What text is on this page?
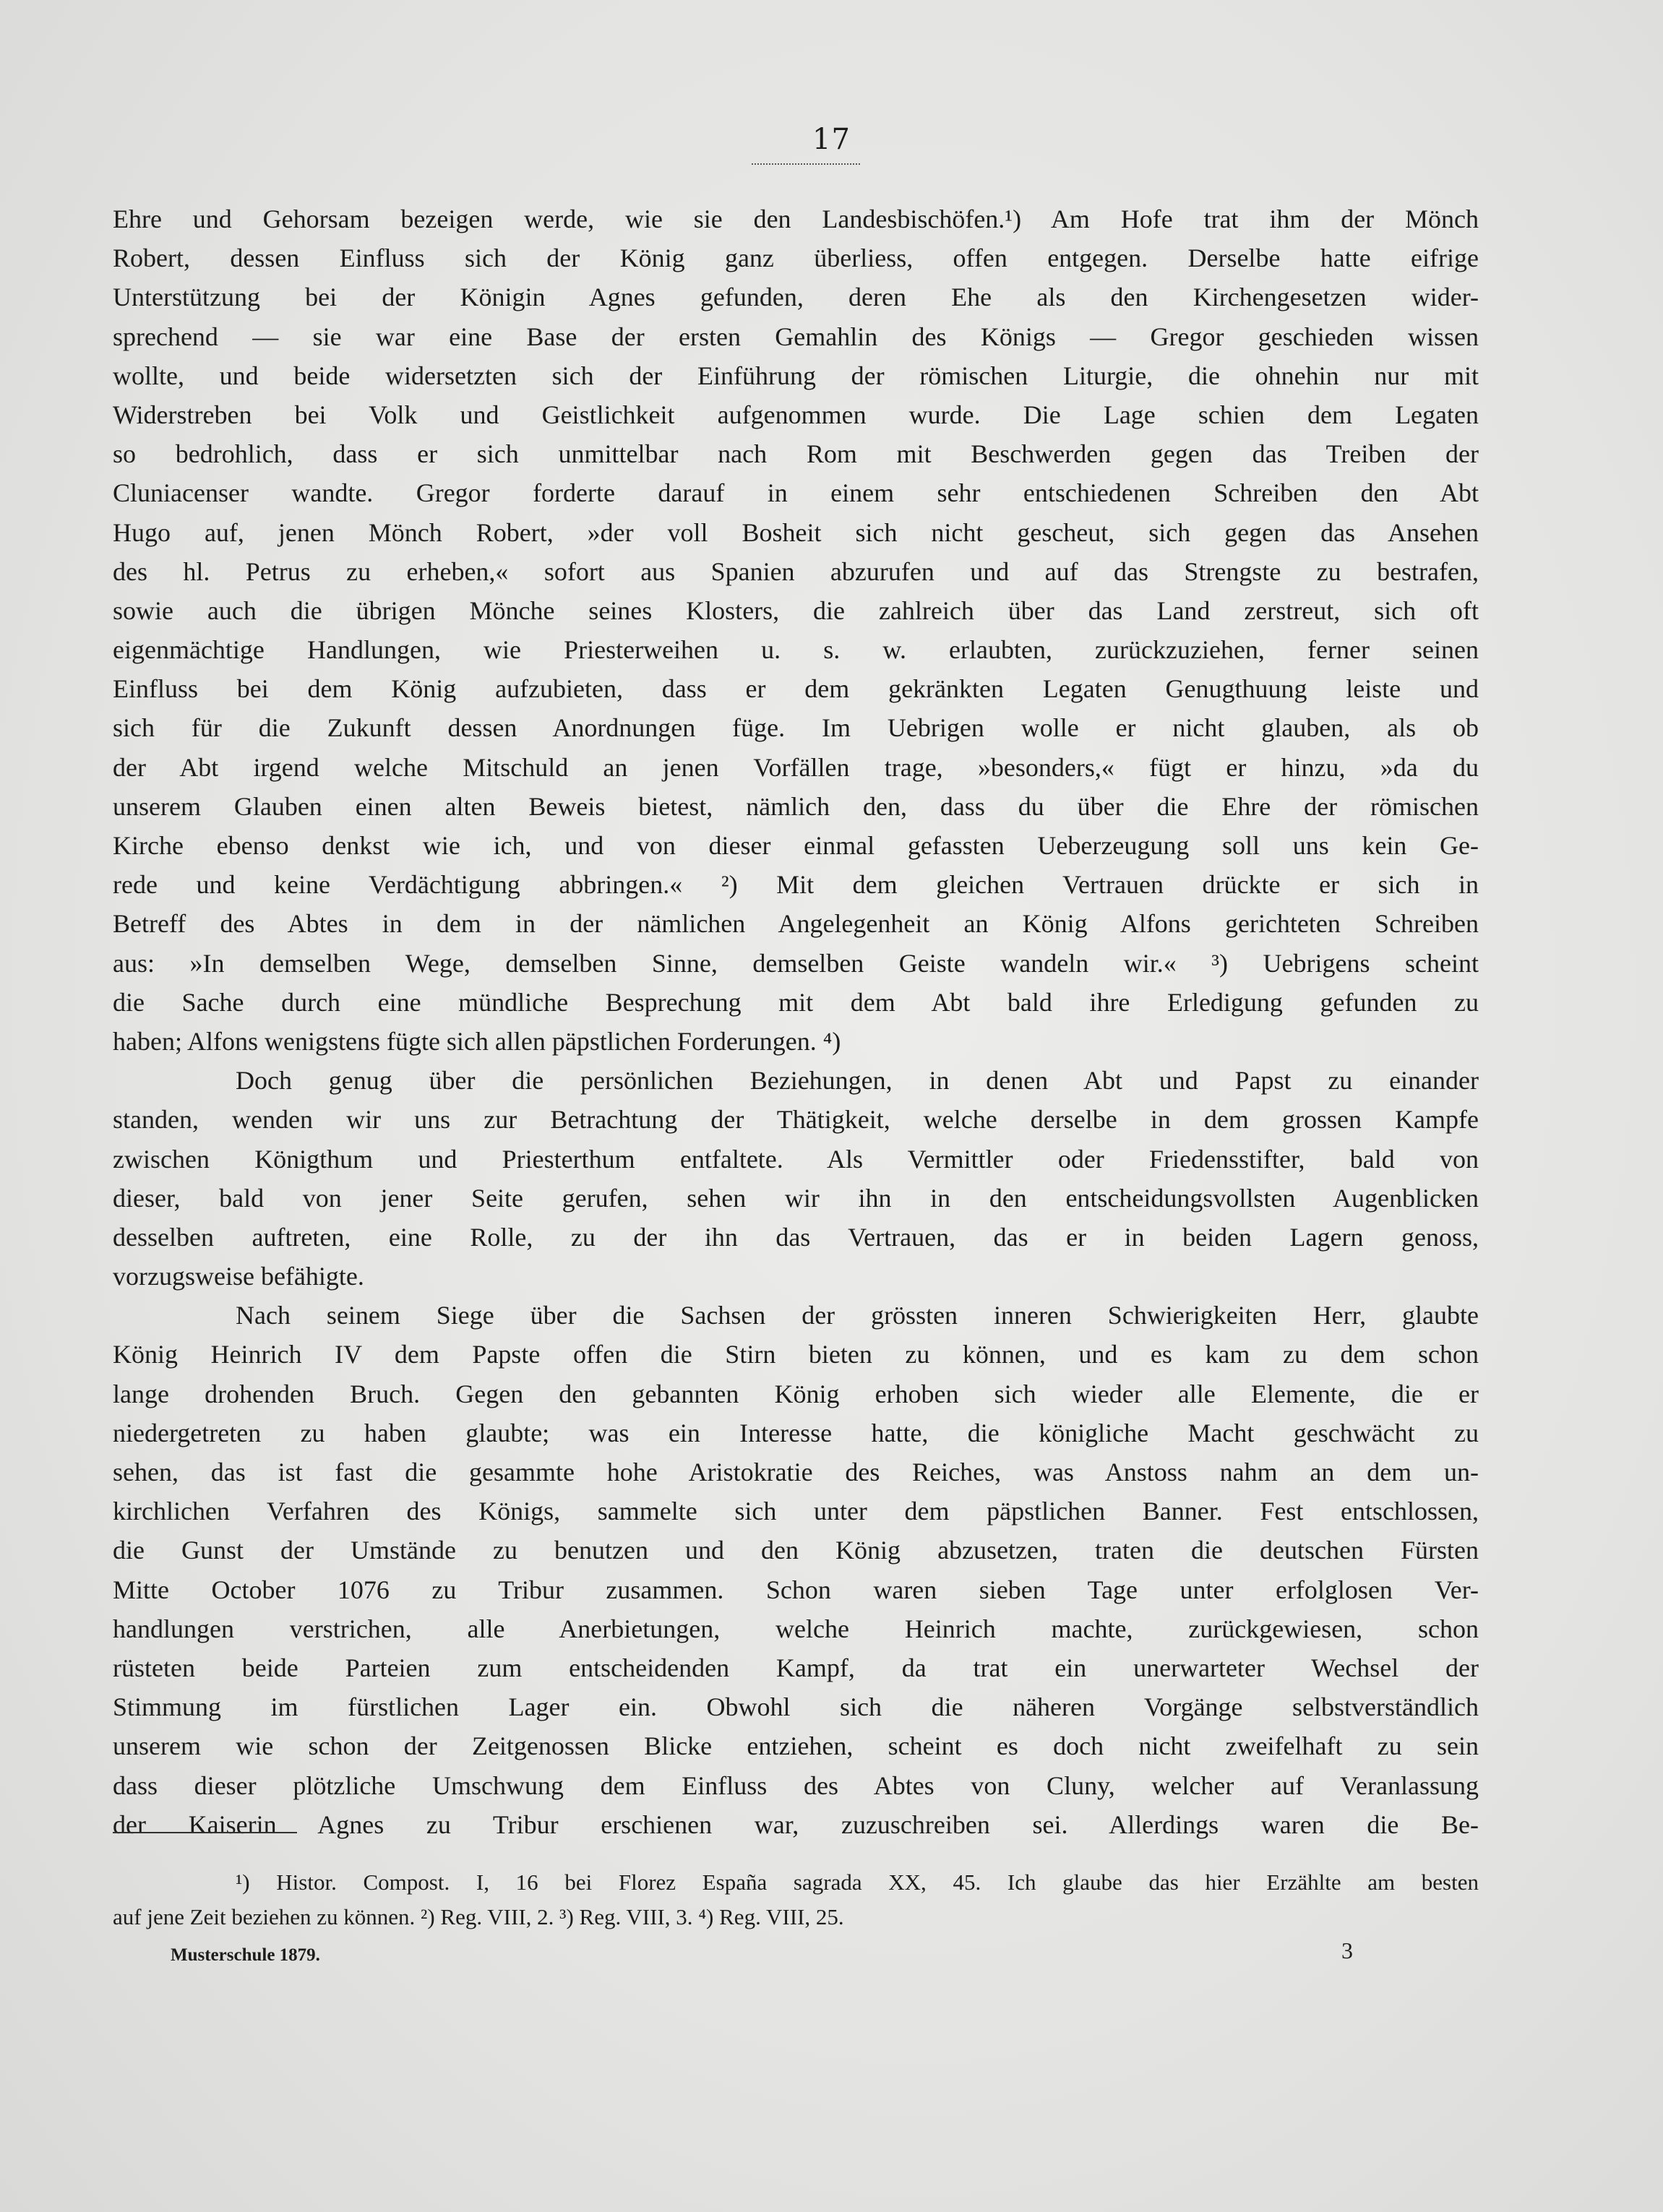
17
Ehre und Gehorsam bezeigen werde, wie sie den Landesbischöfen.¹) Am Hofe trat ihm der Mönch
Robert, dessen Einfluss sich der König ganz überliess, offen entgegen. Derselbe hatte eifrige
Unterstützung bei der Königin Agnes gefunden, deren Ehe als den Kirchengesetzen wider-
sprechend — sie war eine Base der ersten Gemahlin des Königs — Gregor geschieden wissen
wollte, und beide widersetzten sich der Einführung der römischen Liturgie, die ohnehin nur mit
Widerstreben bei Volk und Geistlichkeit aufgenommen wurde. Die Lage schien dem Legaten
so bedrohlich, dass er sich unmittelbar nach Rom mit Beschwerden gegen das Treiben der
Cluniacenser wandte. Gregor forderte darauf in einem sehr entschiedenen Schreiben den Abt
Hugo auf, jenen Mönch Robert, »der voll Bosheit sich nicht gescheut, sich gegen das Ansehen
des hl. Petrus zu erheben,« sofort aus Spanien abzurufen und auf das Strengste zu bestrafen,
sowie auch die übrigen Mönche seines Klosters, die zahlreich über das Land zerstreut, sich oft
eigenmächtige Handlungen, wie Priesterweihen u. s. w. erlaubten, zurückzuziehen, ferner seinen
Einfluss bei dem König aufzubieten, dass er dem gekränkten Legaten Genugthuung leiste und
sich für die Zukunft dessen Anordnungen füge. Im Uebrigen wolle er nicht glauben, als ob
der Abt irgend welche Mitschuld an jenen Vorfällen trage, »besonders,« fügt er hinzu, »da du
unserem Glauben einen alten Beweis bietest, nämlich den, dass du über die Ehre der römischen
Kirche ebenso denkst wie ich, und von dieser einmal gefassten Ueberzeugung soll uns kein Ge-
rede und keine Verdächtigung abbringen.« ²) Mit dem gleichen Vertrauen drückte er sich in
Betreff des Abtes in dem in der nämlichen Angelegenheit an König Alfons gerichteten Schreiben
aus: »In demselben Wege, demselben Sinne, demselben Geiste wandeln wir.« ³) Uebrigens scheint
die Sache durch eine mündliche Besprechung mit dem Abt bald ihre Erledigung gefunden zu
haben; Alfons wenigstens fügte sich allen päpstlichen Forderungen. ⁴)
Doch genug über die persönlichen Beziehungen, in denen Abt und Papst zu einander
standen, wenden wir uns zur Betrachtung der Thätigkeit, welche derselbe in dem grossen Kampfe
zwischen Königthum und Priesterthum entfaltete. Als Vermittler oder Friedensstifter, bald von
dieser, bald von jener Seite gerufen, sehen wir ihn in den entscheidungsvollsten Augenblicken
desselben auftreten, eine Rolle, zu der ihn das Vertrauen, das er in beiden Lagern genoss,
vorzugsweise befähigte.
Nach seinem Siege über die Sachsen der grössten inneren Schwierigkeiten Herr, glaubte
König Heinrich IV dem Papste offen die Stirn bieten zu können, und es kam zu dem schon
lange drohenden Bruch. Gegen den gebannten König erhoben sich wieder alle Elemente, die er
niedergetreten zu haben glaubte; was ein Interesse hatte, die königliche Macht geschwächt zu
sehen, das ist fast die gesammte hohe Aristokratie des Reiches, was Anstoss nahm an dem un-
kirchlichen Verfahren des Königs, sammelte sich unter dem päpstlichen Banner. Fest entschlossen,
die Gunst der Umstände zu benutzen und den König abzusetzen, traten die deutschen Fürsten
Mitte October 1076 zu Tribur zusammen. Schon waren sieben Tage unter erfolglosen Ver-
handlungen verstrichen, alle Anerbietungen, welche Heinrich machte, zurückgewiesen, schon
rüsteten beide Parteien zum entscheidenden Kampf, da trat ein unerwarteter Wechsel der
Stimmung im fürstlichen Lager ein. Obwohl sich die näheren Vorgänge selbstverständlich
unserem wie schon der Zeitgenossen Blicke entziehen, scheint es doch nicht zweifelhaft zu sein
dass dieser plötzliche Umschwung dem Einfluss des Abtes von Cluny, welcher auf Veranlassung
der Kaiserin Agnes zu Tribur erschienen war, zuzuschreiben sei. Allerdings waren die Be-
¹) Histor. Compost. I, 16 bei Florez España sagrada XX, 45. Ich glaube das hier Erzählte am besten
auf jene Zeit beziehen zu können. ²) Reg. VIII, 2. ³) Reg. VIII, 3. ⁴) Reg. VIII, 25.
Musterschule 1879.	3
